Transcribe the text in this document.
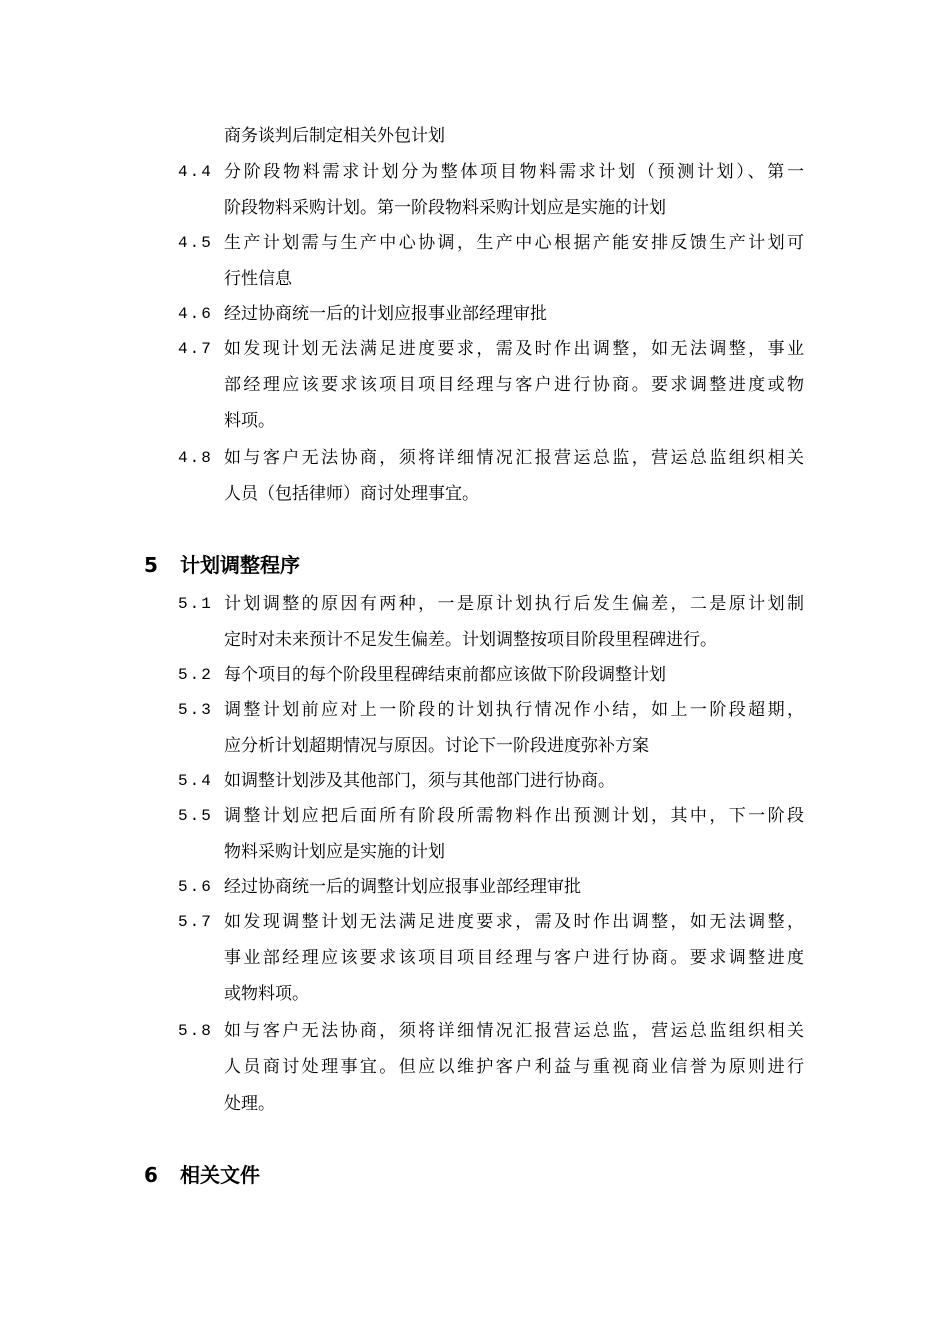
商务谈判后制定相关外包计划
4.4 分阶段物料需求计划分为整体项目物料需求计划（预测计划）、第一
阶段物料采购计划。第一阶段物料采购计划应是实施的计划
4.5 生产计划需与生产中心协调，生产中心根据产能安排反馈生产计划可
行性信息
4.6 经过协商统一后的计划应报事业部经理审批
4.7 如发现计划无法满足进度要求，需及时作出调整，如无法调整，事业
部经理应该要求该项目项目经理与客户进行协商。要求调整进度或物
料项。
4.8 如与客户无法协商，须将详细情况汇报营运总监，营运总监组织相关
人员（包括律师）商讨处理事宜。
5 计划调整程序
5.1 计划调整的原因有两种，一是原计划执行后发生偏差，二是原计划制
定时对未来预计不足发生偏差。计划调整按项目阶段里程碑进行。
5.2 每个项目的每个阶段里程碑结束前都应该做下阶段调整计划
5.3 调整计划前应对上一阶段的计划执行情况作小结，如上一阶段超期，
应分析计划超期情况与原因。讨论下一阶段进度弥补方案
5.4 如调整计划涉及其他部门，须与其他部门进行协商。
5.5 调整计划应把后面所有阶段所需物料作出预测计划，其中，下一阶段
物料采购计划应是实施的计划
5.6 经过协商统一后的调整计划应报事业部经理审批
5.7 如发现调整计划无法满足进度要求，需及时作出调整，如无法调整，
事业部经理应该要求该项目项目经理与客户进行协商。要求调整进度
或物料项。
5.8 如与客户无法协商，须将详细情况汇报营运总监，营运总监组织相关
人员商讨处理事宜。但应以维护客户利益与重视商业信誉为原则进行
处理。
6 相关文件
